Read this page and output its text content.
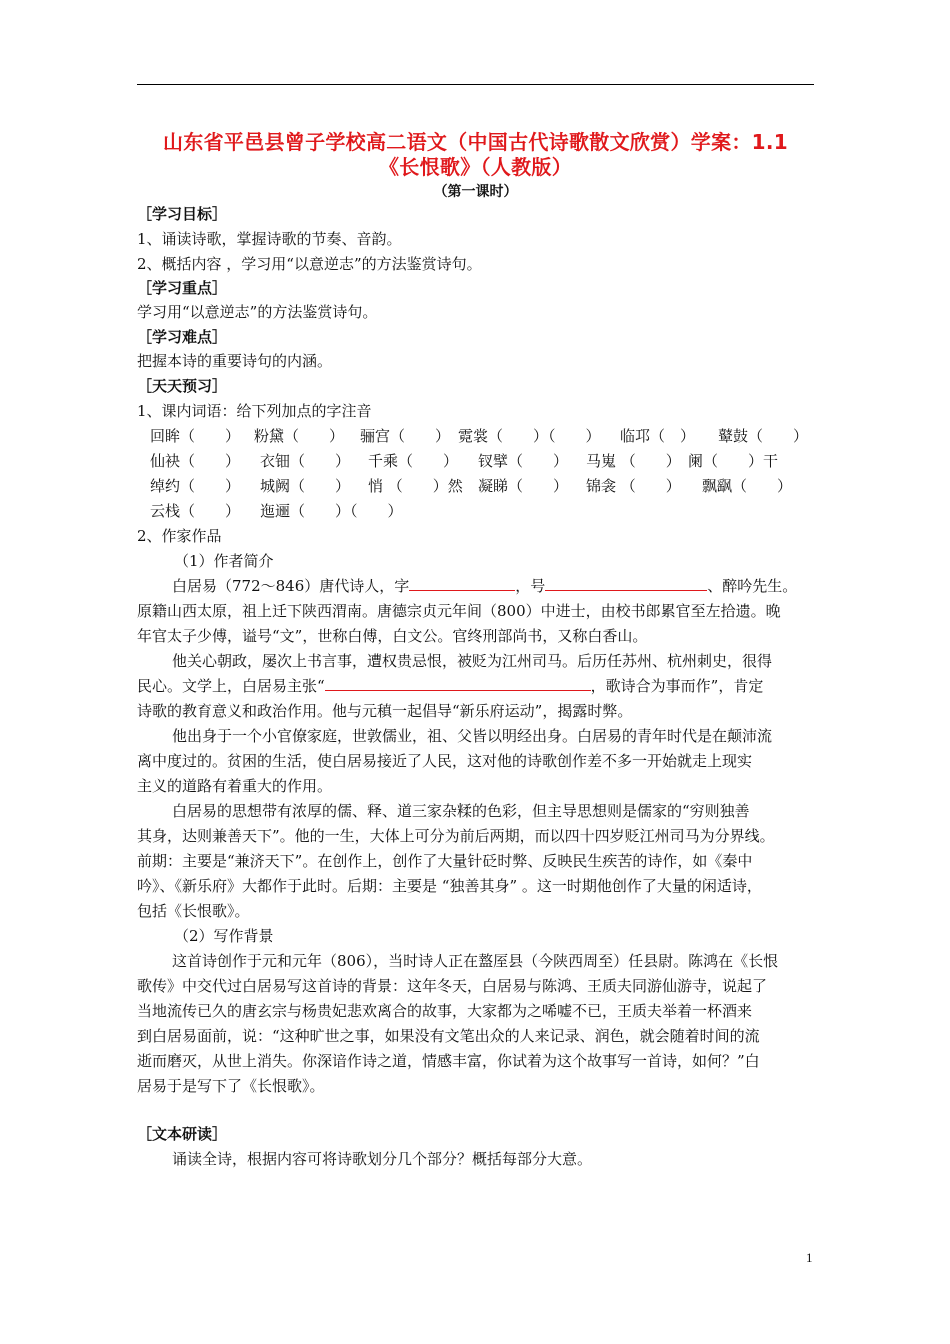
山东省平邑县曾子学校高二语文（中国古代诗歌散文欣赏）学案：1.1
《长恨歌》（人教版）
（第一课时）
［学习目标］
1、诵读诗歌，掌握诗歌的节奏、音韵。
2、概括内容 ，学习用“以意逆志”的方法鉴赏诗句。
［学习重点］
学习用“以意逆志”的方法鉴赏诗句。
［学习难点］
把握本诗的重要诗句的内涵。
［天天预习］
1、课内词语：给下列加点的字注音
回眸（　　） 粉黛（　　） 骊宫（　　） 霓裳（　　）（　　） 临邛（　） 鼙鼓（　　）
仙袂（　　） 衣钿（　　） 千乘（　　） 钗擘（　　） 马嵬 （　　） 阑（　　）干
绰约（　　） 城阙（　　） 悄 （　　）然 凝睇（　　） 锦衾 （　　） 飘飖（　　）
云栈（　　） 迤逦（　　）（　　）
2、作家作品
（1）作者简介
白居易（772～846）唐代诗人，字	，号	、醉吟先生。
原籍山西太原，祖上迁下陕西渭南。唐德宗贞元年间（800）中进士，由校书郎累官至左拾遗。晚
年官太子少傅，谥号“文”，世称白傅，白文公。官终刑部尚书，又称白香山。
他关心朝政，屡次上书言事，遭权贵忌恨，被贬为江州司马。后历任苏州、杭州刺史，很得
民心。文学上，白居易主张“	，歌诗合为事而作”，肯定
诗歌的教育意义和政治作用。他与元稹一起倡导“新乐府运动”，揭露时弊。
他出身于一个小官僚家庭，世敦儒业，祖、父皆以明经出身。白居易的青年时代是在颠沛流
离中度过的。贫困的生活，使白居易接近了人民，这对他的诗歌创作差不多一开始就走上现实
主义的道路有着重大的作用。
白居易的思想带有浓厚的儒、释、道三家杂糅的色彩，但主导思想则是儒家的“穷则独善
其身，达则兼善天下”。他的一生，大体上可分为前后两期，而以四十四岁贬江州司马为分界线。
前期：主要是“兼济天下”。在创作上，创作了大量针砭时弊、反映民生疾苦的诗作，如《秦中
吟》、《新乐府》大都作于此时。后期：主要是 “独善其身” 。这一时期他创作了大量的闲适诗，
包括《长恨歌》。
（2）写作背景
这首诗创作于元和元年（806），当时诗人正在盩厔县（今陕西周至）任县尉。陈鸿在《长恨
歌传》中交代过白居易写这首诗的背景：这年冬天，白居易与陈鸿、王质夫同游仙游寺，说起了
当地流传已久的唐玄宗与杨贵妃悲欢离合的故事，大家都为之唏嘘不已，王质夫举着一杯酒来
到白居易面前，说：“这种旷世之事，如果没有文笔出众的人来记录、润色，就会随着时间的流
逝而磨灭，从世上消失。你深谙作诗之道，情感丰富，你试着为这个故事写一首诗，如何？”白
居易于是写下了《长恨歌》。
［文本研读］
诵读全诗，根据内容可将诗歌划分几个部分？概括每部分大意。
1
